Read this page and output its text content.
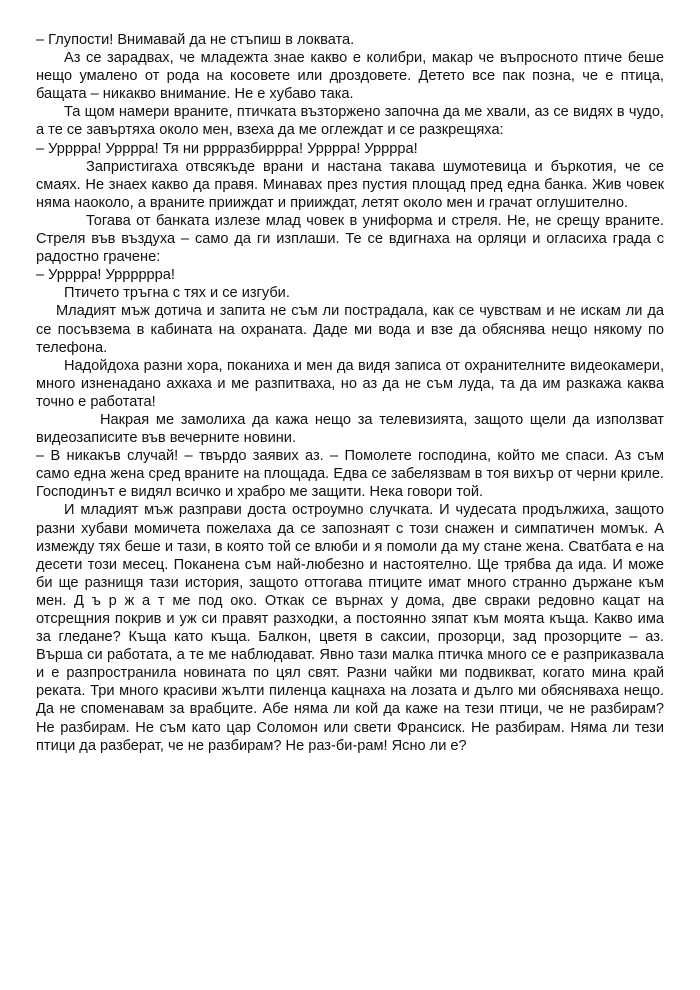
– Глупости! Внимавай да не стъпиш в локвата.

Аз се зарадвах, че младежта знае какво е колибри, макар че въпросното птиче беше нещо умалено от рода на косовете или дроздовете. Детето все пак позна, че е птица, бащата – никакво внимание. Не е хубаво така.

Та щом намери враните, птичката възторжено започна да ме хвали, аз се видях в чудо, а те се завъртяха около мен, взеха да ме оглеждат и се разкрещяха:

– Урррра! Урррра! Тя ни рррразбиррра! Урррра! Урррра!

Запристигаха отвсякъде врани и настана такава шумотевица и бъркотия, че се смаях. Не знаех какво да правя. Минавах през пустия площад пред една банка. Жив човек няма наоколо, а враните прииждат и прииждат, летят около мен и грачат оглушително.

Тогава от банката излезе млад човек в униформа и стреля. Не, не срещу враните. Стреля във въздуха – само да ги изплаши. Те се вдигнаха на орляци и огласиха града с радостно грачене:

– Урррра! Урррррра!

Птичето тръгна с тях и се изгуби.

Младият мъж дотича и запита не съм ли пострадала, как се чувствам и не искам ли да се посъвзема в кабината на охраната. Даде ми вода и взе да обяснява нещо някому по телефона.

Надойдоха разни хора, поканиха и мен да видя записа от охранителните видеокамери, много изненадано ахкаха и ме разпитваха, но аз да не съм луда, та да им разкажа каква точно е работата!

Накрая ме замолиха да кажа нещо за телевизията, защото щели да използват видеозаписите във вечерните новини.

– В никакъв случай! – твърдо заявих аз. – Помолете господина, който ме спаси. Аз съм само една жена сред враните на площада. Едва се забелязвам в тоя вихър от черни криле. Господинът е видял всичко и храбро ме защити. Нека говори той.

И младият мъж разправи доста остроумно случката. И чудесата продължиха, защото разни хубави момичета пожелаха да се запознаят с този снажен и симпатичен момък. А измежду тях беше и тази, в която той се влюби и я помоли да му стане жена. Сватбата е на десети този месец. Поканена съм най-любезно и настоятелно. Ще трябва да ида. И може би ще разнищя тази история, защото оттогава птиците имат много странно държане към мен. Д ъ р ж а т ме под око. Откак се върнах у дома, две свраки редовно кацат на отсрещния покрив и уж си правят разходки, а постоянно зяпат към моята къща. Какво има за гледане? Къща като къща. Балкон, цветя в саксии, прозорци, зад прозорците – аз. Върша си работата, а те ме наблюдават. Явно тази малка птичка много се е разприказвала и е разпространила новината по цял свят. Разни чайки ми подвикват, когато мина край реката. Три много красиви жълти пиленца кацнаха на лозата и дълго ми обясняваха нещо. Да не споменавам за врабците. Абе няма ли кой да каже на тези птици, че не разбирам? Не разбирам. Не съм като цар Соломон или свети Франсиск. Не разбирам. Няма ли тези птици да разберат, че не разбирам? Не раз-би-рам! Ясно ли е?
